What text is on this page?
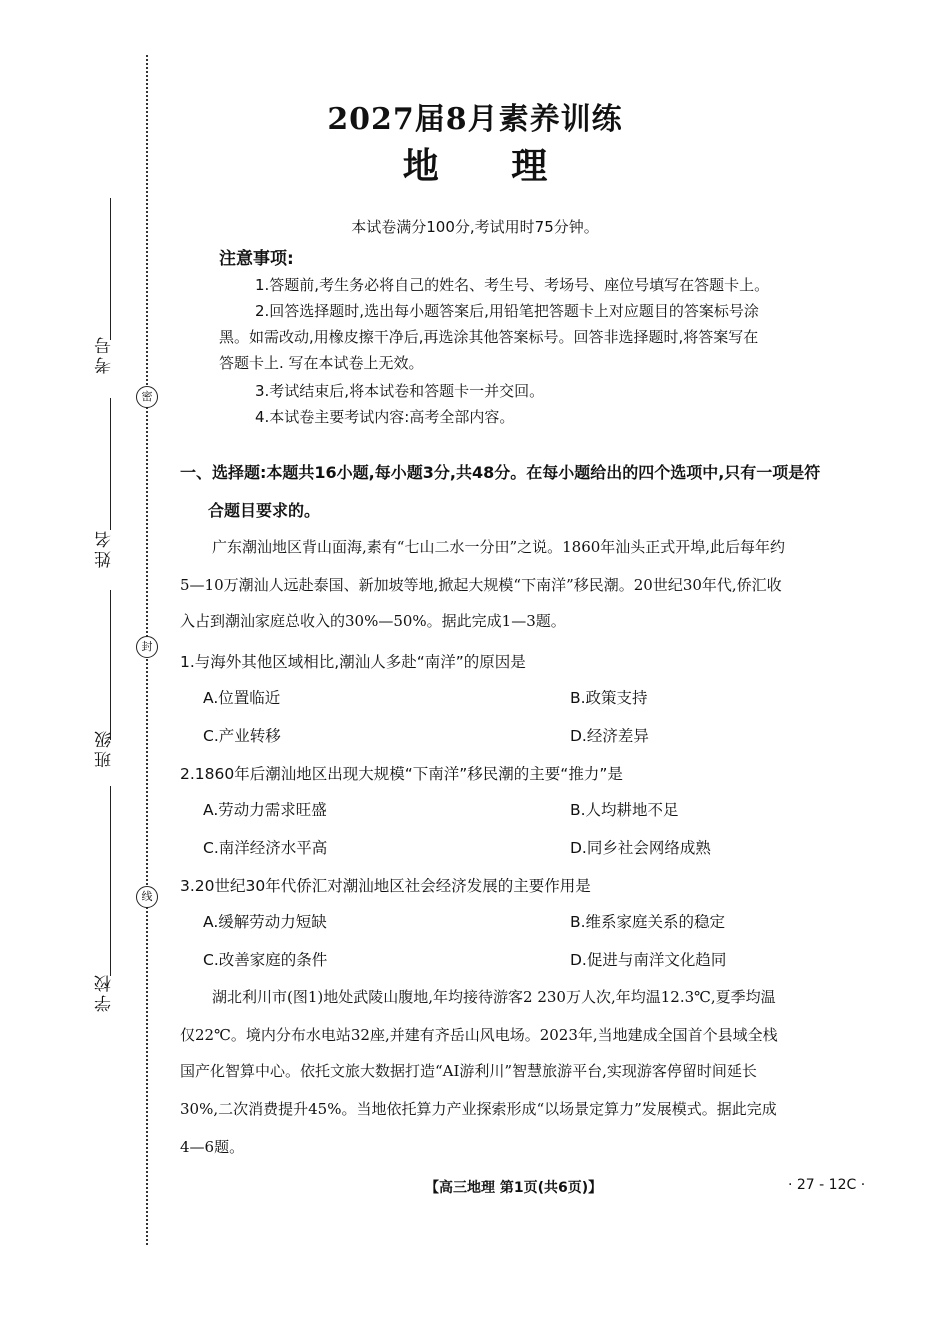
考号
姓名
班级
学校
密
封
线
2027届8月素养训练
地 理
本试卷满分100分,考试用时75分钟。
注意事项:
1.答题前,考生务必将自己的姓名、考生号、考场号、座位号填写在答题卡上。
2.回答选择题时,选出每小题答案后,用铅笔把答题卡上对应题目的答案标号涂
黑。如需改动,用橡皮擦干净后,再选涂其他答案标号。回答非选择题时,将答案写在
答题卡上. 写在本试卷上无效。
3.考试结束后,将本试卷和答题卡一并交回。
4.本试卷主要考试内容:高考全部内容。
一、选择题:本题共16小题,每小题3分,共48分。在每小题给出的四个选项中,只有一项是符
合题目要求的。
广东潮汕地区背山面海,素有“七山二水一分田”之说。1860年汕头正式开埠,此后每年约
5—10万潮汕人远赴泰国、新加坡等地,掀起大规模“下南洋”移民潮。20世纪30年代,侨汇收
入占到潮汕家庭总收入的30%—50%。据此完成1—3题。
1.与海外其他区域相比,潮汕人多赴“南洋”的原因是
A.位置临近	B.政策支持
C.产业转移	D.经济差异
2.1860年后潮汕地区出现大规模“下南洋”移民潮的主要“推力”是
A.劳动力需求旺盛	B.人均耕地不足
C.南洋经济水平高	D.同乡社会网络成熟
3.20世纪30年代侨汇对潮汕地区社会经济发展的主要作用是
A.缓解劳动力短缺	B.维系家庭关系的稳定
C.改善家庭的条件	D.促进与南洋文化趋同
湖北利川市(图1)地处武陵山腹地,年均接待游客2 230万人次,年均温12.3℃,夏季均温
仅22℃。境内分布水电站32座,并建有齐岳山风电场。2023年,当地建成全国首个县域全栈
国产化智算中心。依托文旅大数据打造“AI游利川”智慧旅游平台,实现游客停留时间延长
30%,二次消费提升45%。当地依托算力产业探索形成“以场景定算力”发展模式。据此完成
4—6题。
【高三地理 第1页(共6页)】	· 27 - 12C ·
